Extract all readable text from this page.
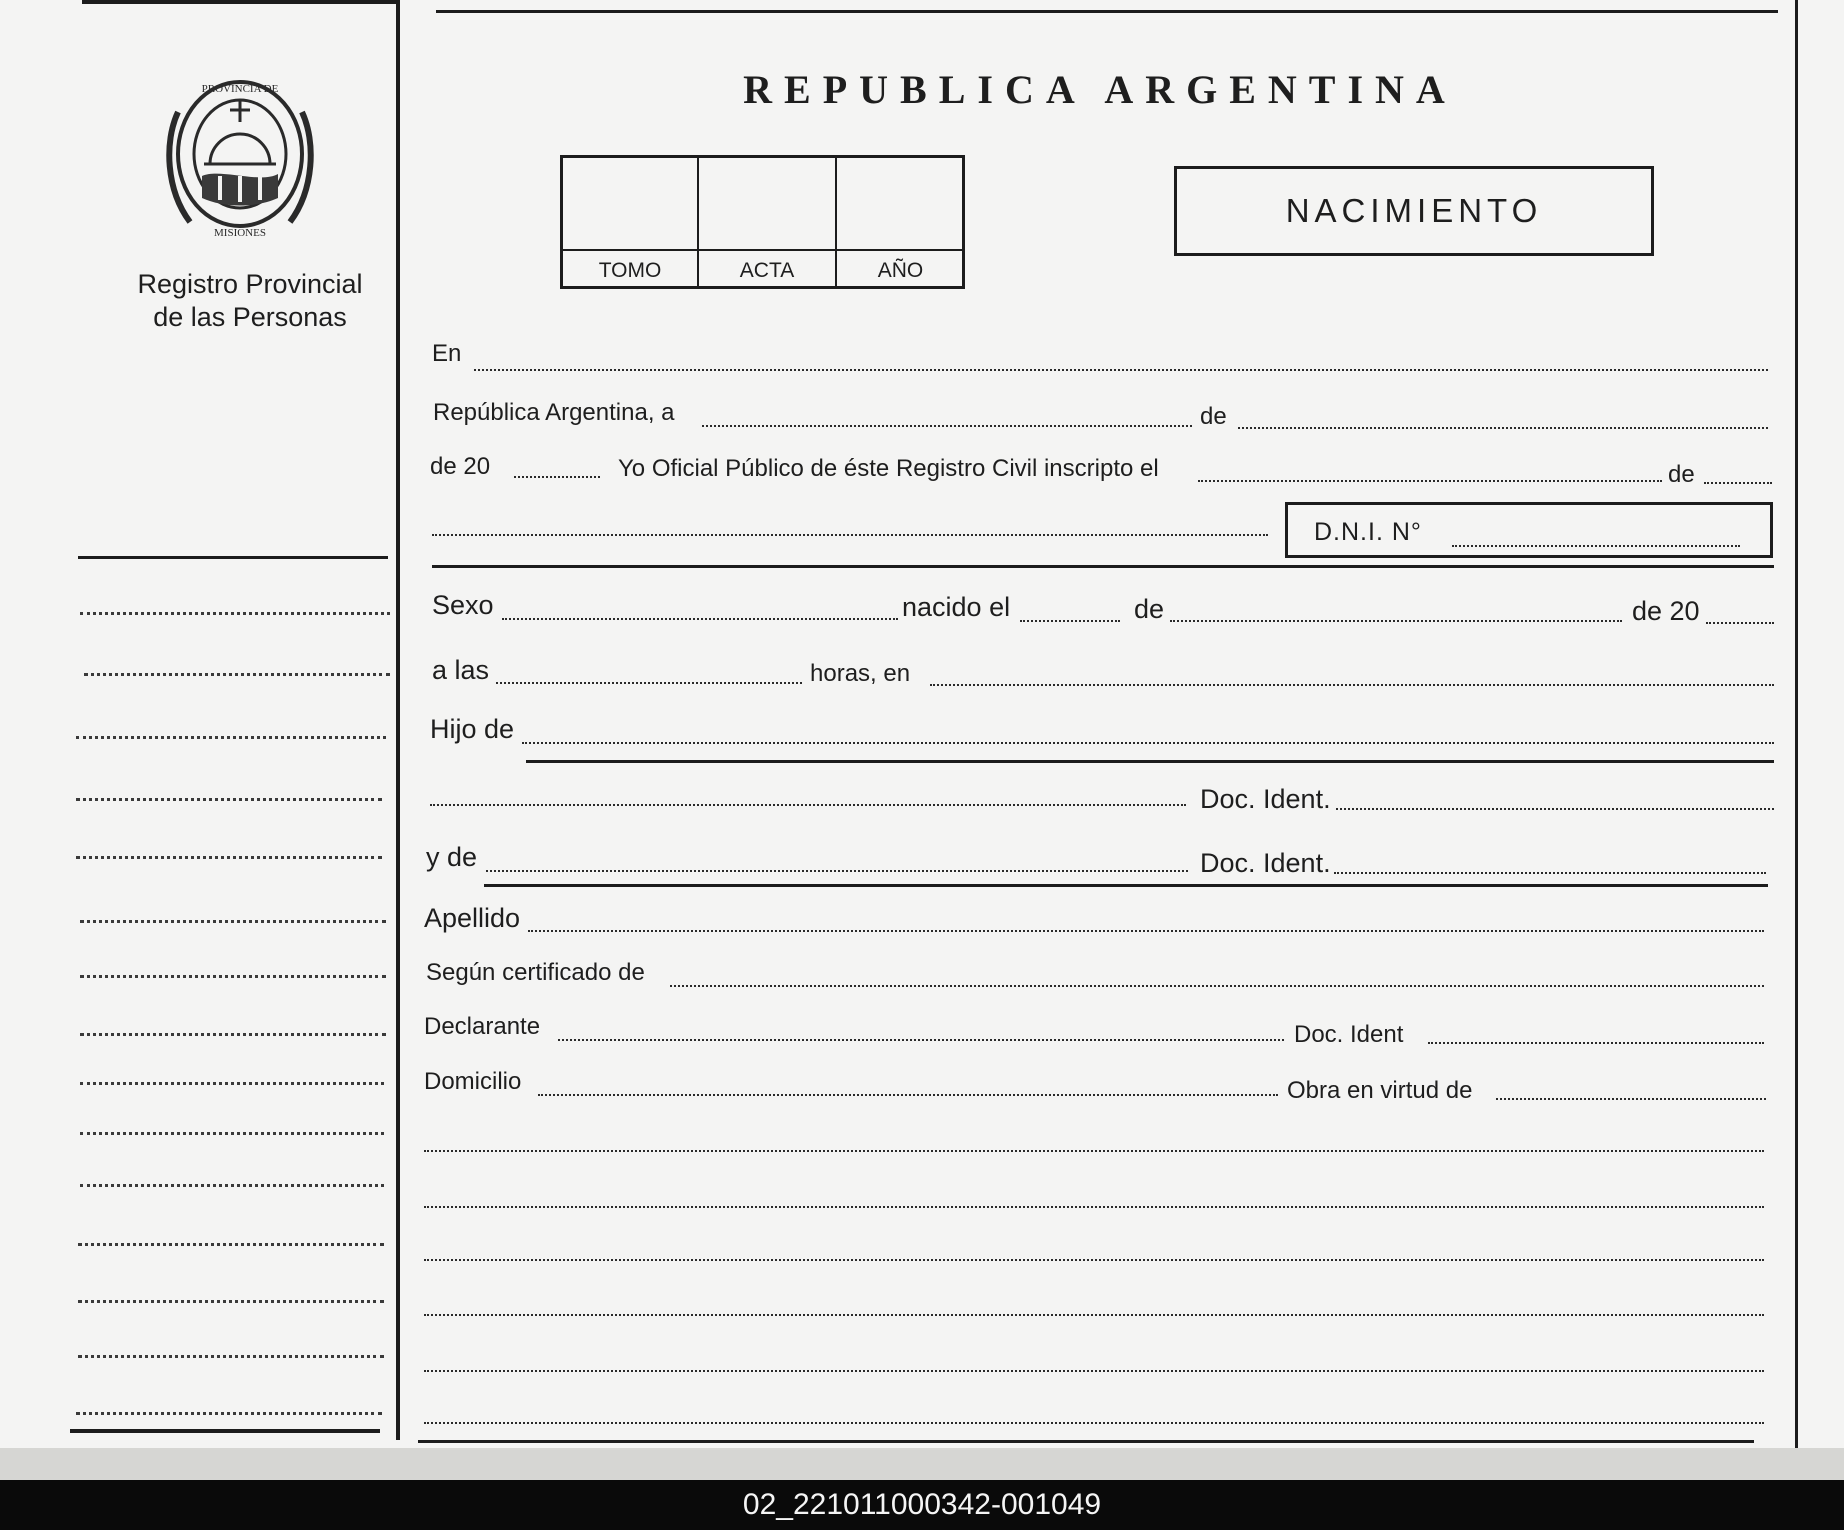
PROVINCIA DE
MISIONES
Registro Provincial
de las Personas
REPUBLICA ARGENTINA
TOMO	ACTA	AÑO
NACIMIENTO
En
República Argentina, a	de
de 20	Yo Oficial Público de éste Registro Civil inscripto el	de
D.N.I. N°
Sexo	nacido el	de	de 20
a las	horas, en
Hijo de
Doc. Ident.
y de	Doc. Ident.
Apellido
Según certificado de
Declarante	Doc. Ident
Domicilio	Obra en virtud de
02_221011000342-001049
